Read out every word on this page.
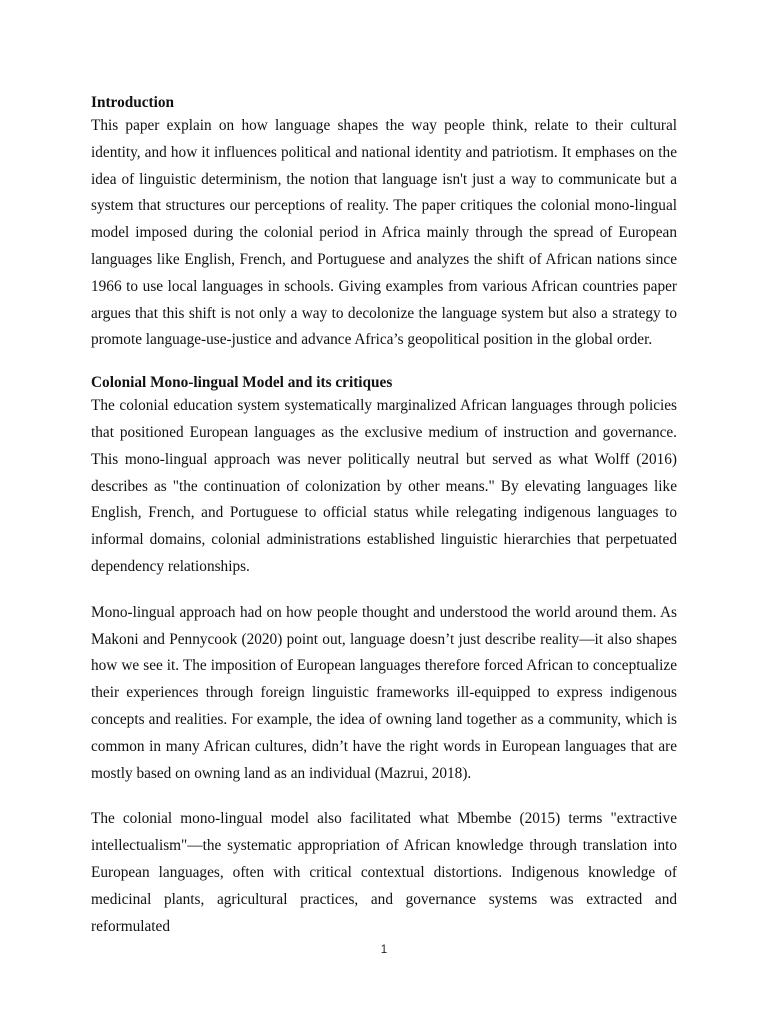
Introduction

This paper explain on how language shapes the way people think, relate to their cultural identity, and how it influences political and national identity and patriotism. It emphases on the idea of linguistic determinism, the notion that language isn't just a way to communicate but a system that structures our perceptions of reality. The paper critiques the colonial mono-lingual model imposed during the colonial period in Africa mainly through the spread of European languages like English, French, and Portuguese and analyzes the shift of African nations since 1966 to use local languages in schools. Giving examples from various African countries paper argues that this shift is not only a way to decolonize the language system but also a strategy to promote language-use-justice and advance Africa’s geopolitical position in the global order.

Colonial Mono-lingual Model and its critiques

The colonial education system systematically marginalized African languages through policies that positioned European languages as the exclusive medium of instruction and governance. This mono-lingual approach was never politically neutral but served as what Wolff (2016) describes as "the continuation of colonization by other means." By elevating languages like English, French, and Portuguese to official status while relegating indigenous languages to informal domains, colonial administrations established linguistic hierarchies that perpetuated dependency relationships.

Mono-lingual approach had on how people thought and understood the world around them. As Makoni and Pennycook (2020) point out, language doesn’t just describe reality—it also shapes how we see it. The imposition of European languages therefore forced African to conceptualize their experiences through foreign linguistic frameworks ill-equipped to express indigenous concepts and realities. For example, the idea of owning land together as a community, which is common in many African cultures, didn’t have the right words in European languages that are mostly based on owning land as an individual (Mazrui, 2018).

The colonial mono-lingual model also facilitated what Mbembe (2015) terms "extractive intellectualism"—the systematic appropriation of African knowledge through translation into European languages, often with critical contextual distortions. Indigenous knowledge of medicinal plants, agricultural practices, and governance systems was extracted and reformulated

1
